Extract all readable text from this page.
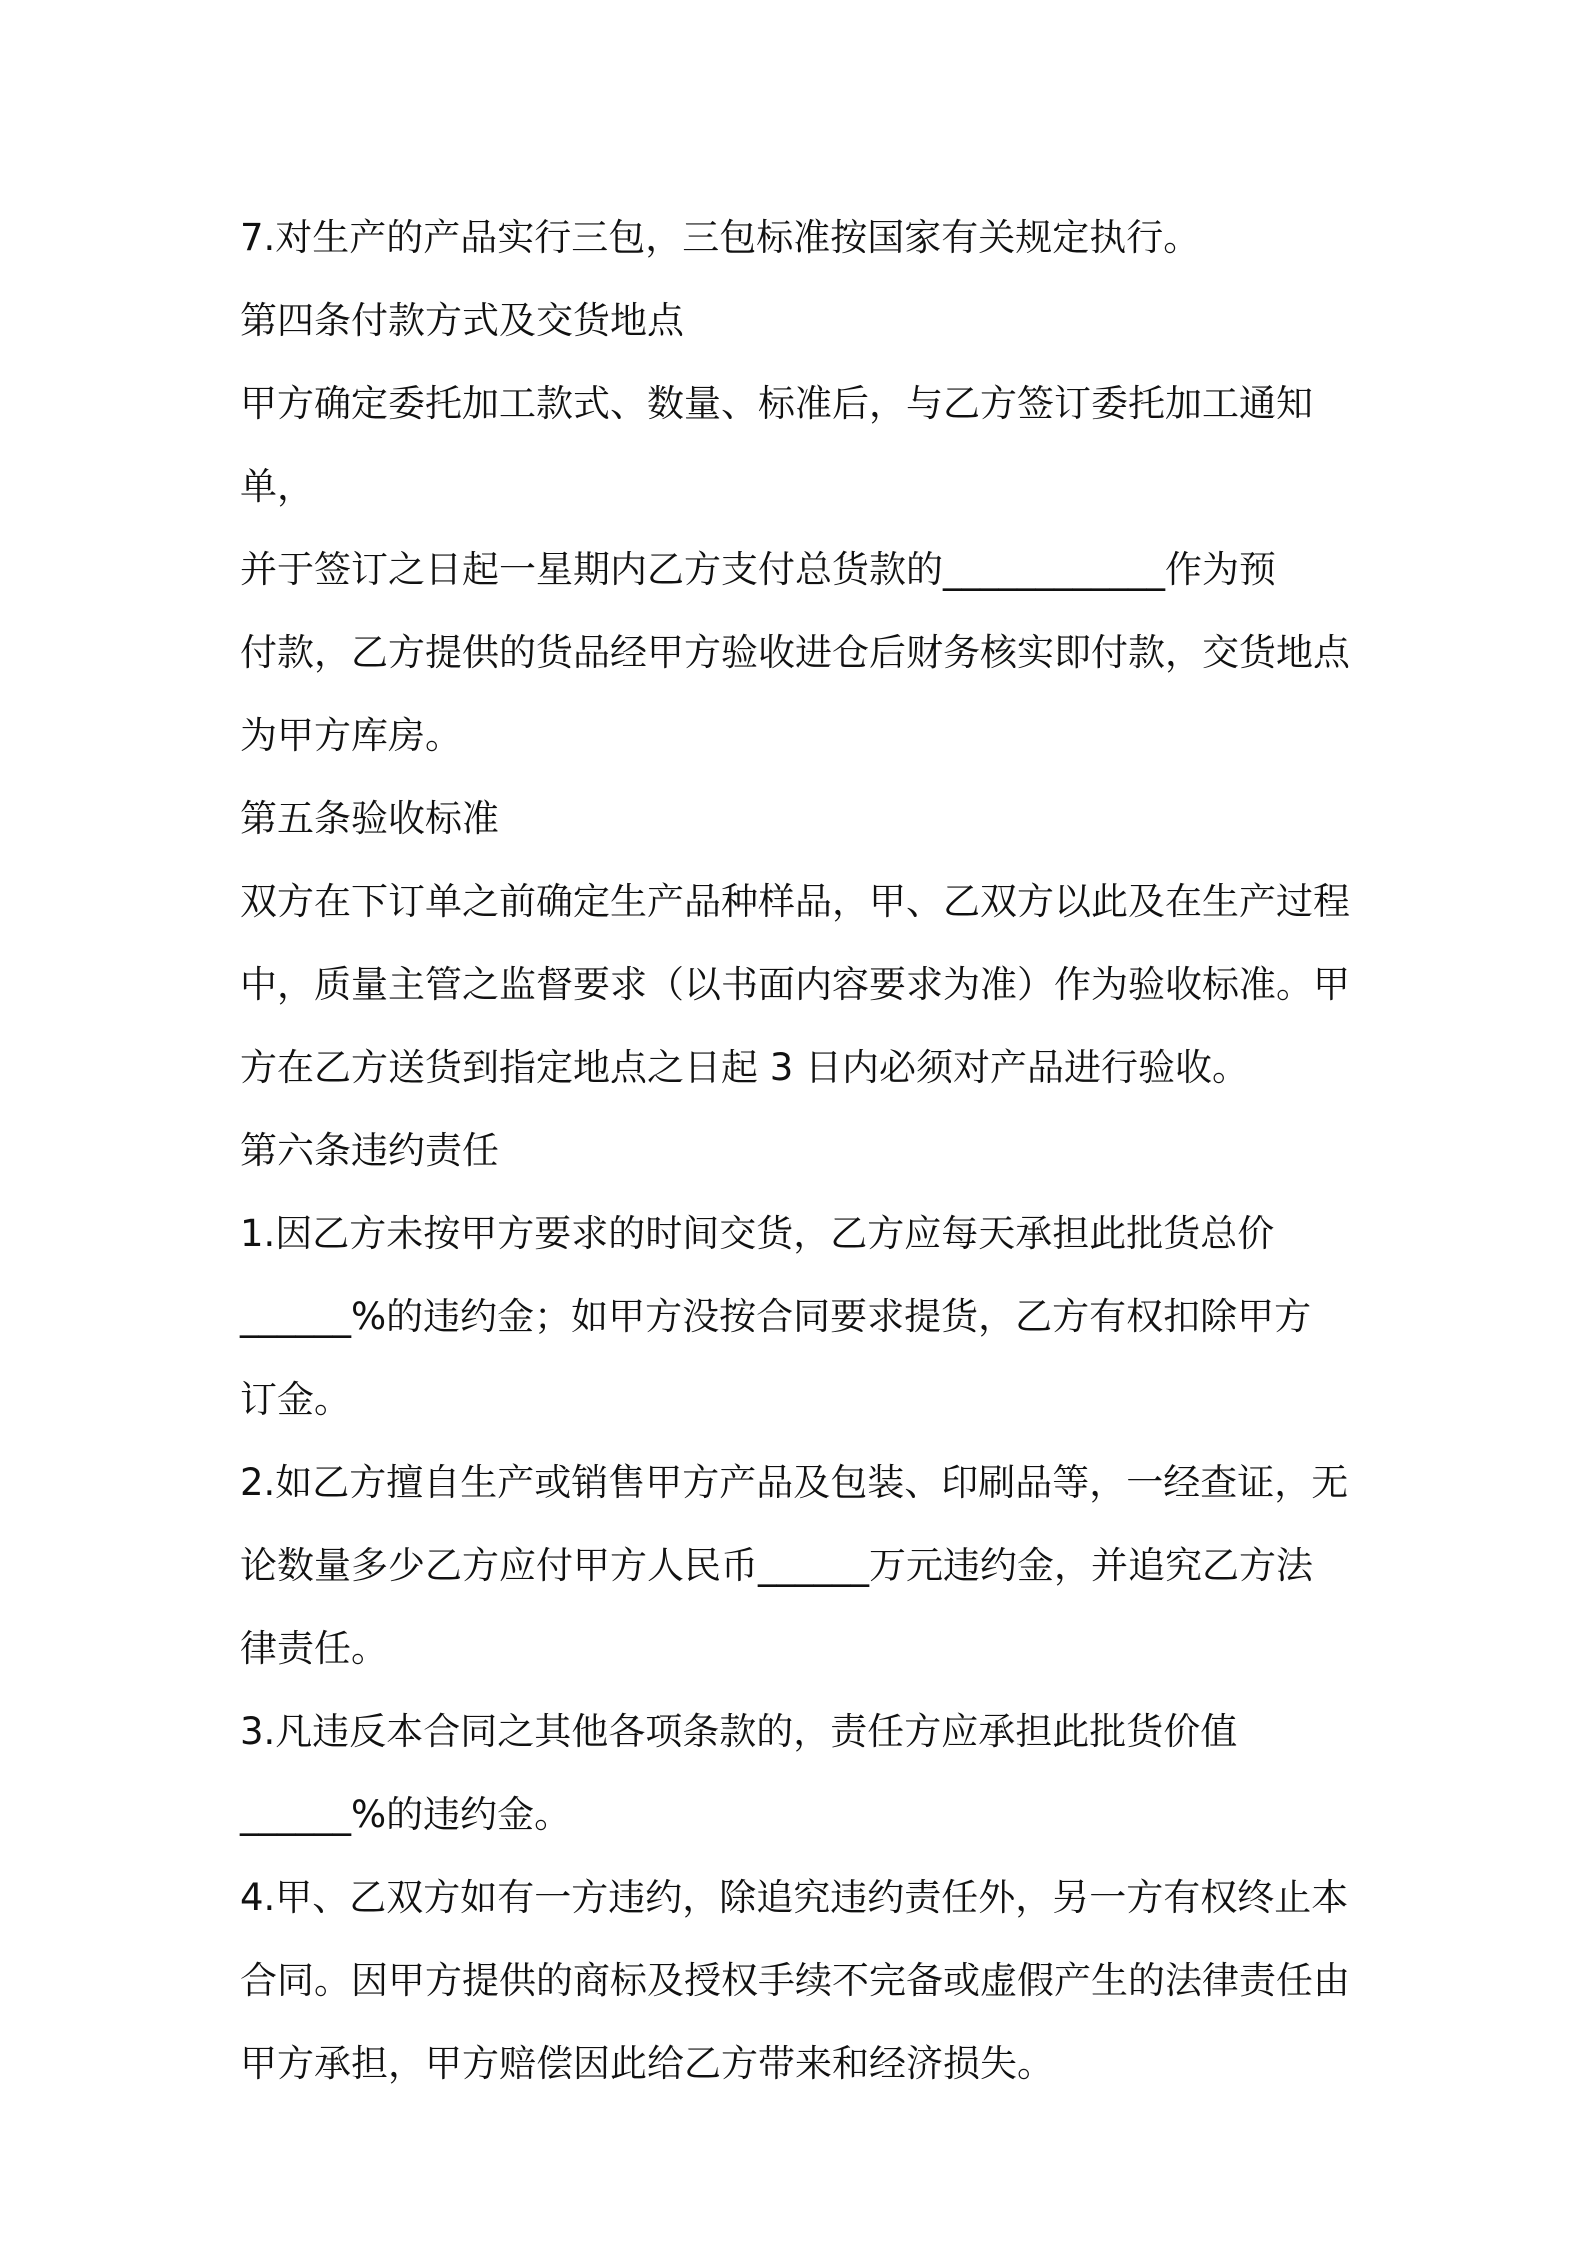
7.对生产的产品实行三包，三包标准按国家有关规定执行。

第四条付款方式及交货地点

甲方确定委托加工款式、数量、标准后，与乙方签订委托加工通知单，

并于签订之日起一星期内乙方支付总货款的____________作为预

付款，乙方提供的货品经甲方验收进仓后财务核实即付款，交货地点

为甲方库房。

第五条验收标准

双方在下订单之前确定生产品种样品，甲、乙双方以此及在生产过程

中，质量主管之监督要求（以书面内容要求为准）作为验收标准。甲

方在乙方送货到指定地点之日起 3 日内必须对产品进行验收。

第六条违约责任

1.因乙方未按甲方要求的时间交货，乙方应每天承担此批货总价

______%的违约金；如甲方没按合同要求提货，乙方有权扣除甲方

订金。

2.如乙方擅自生产或销售甲方产品及包装、印刷品等，一经查证，无

论数量多少乙方应付甲方人民币______万元违约金，并追究乙方法

律责任。

3.凡违反本合同之其他各项条款的，责任方应承担此批货价值

______%的违约金。

4.甲、乙双方如有一方违约，除追究违约责任外，另一方有权终止本

合同。因甲方提供的商标及授权手续不完备或虚假产生的法律责任由

甲方承担，甲方赔偿因此给乙方带来和经济损失。
